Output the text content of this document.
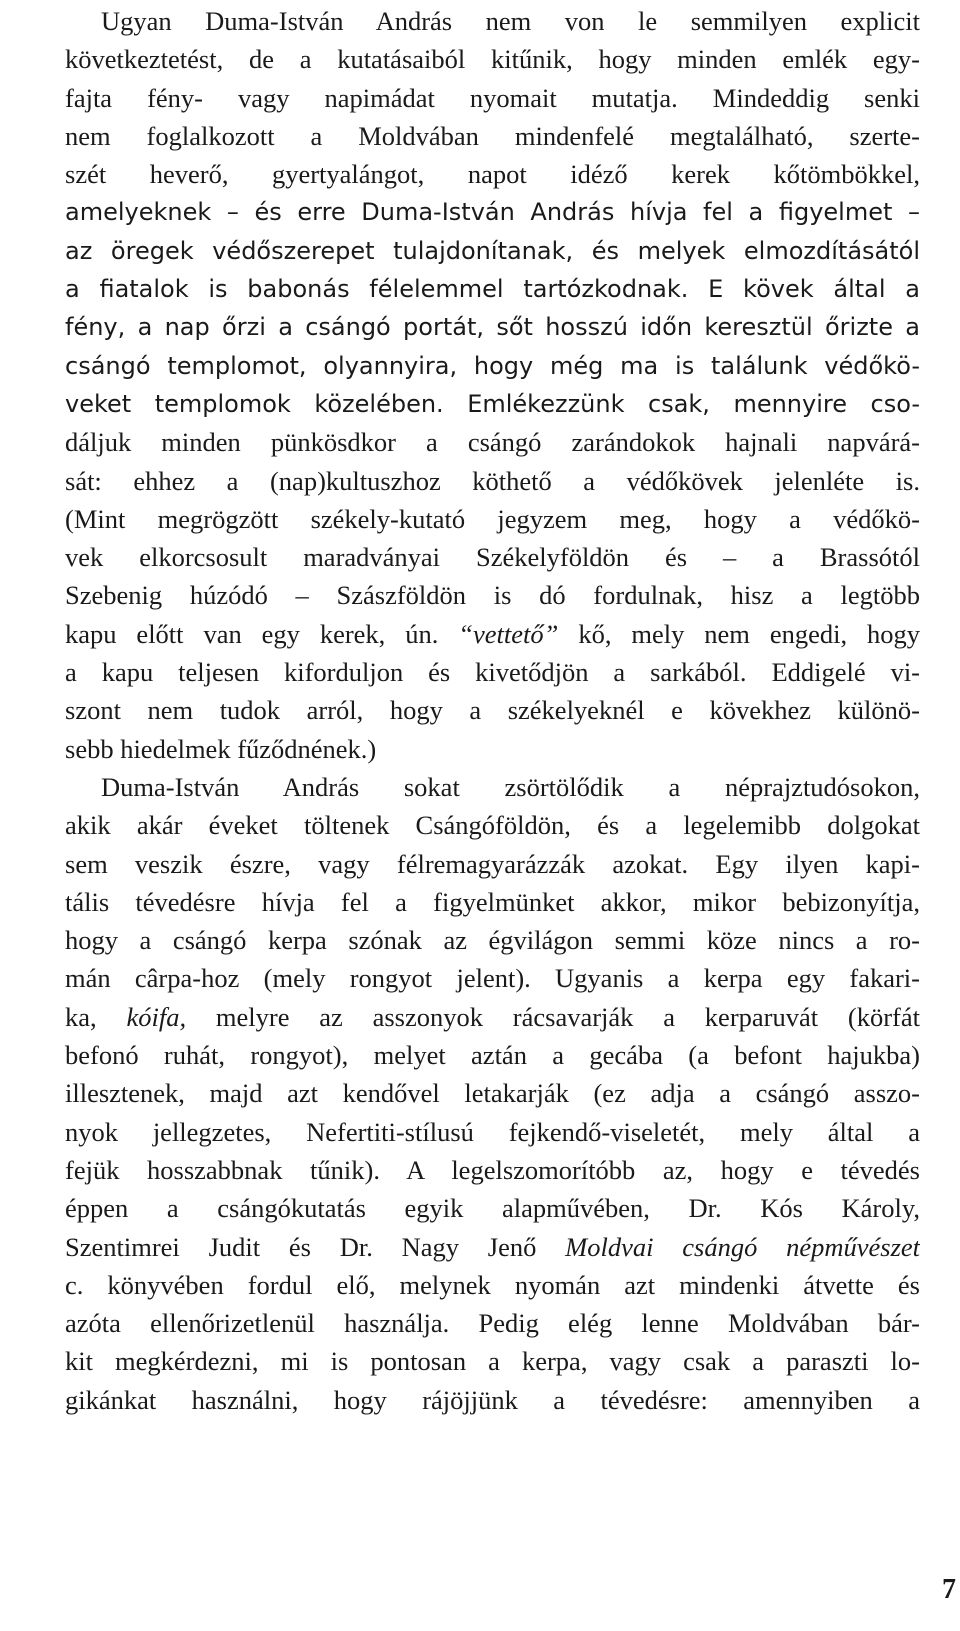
Ugyan Duma-István András nem von le semmilyen explicit
következtetést, de a kutatásaiból kitűnik, hogy minden emlék egy-
fajta fény- vagy napimádat nyomait mutatja. Mindeddig senki
nem foglalkozott a Moldvában mindenfelé megtalálható, szerte-
szét heverő, gyertyalángot, napot idéző kerek kőtömbökkel,
amelyeknek – és erre Duma-István András hívja fel a figyelmet –
az öregek védőszerepet tulajdonítanak, és melyek elmozdításától
a fiatalok is babonás félelemmel tartózkodnak. E kövek által a
fény, a nap őrzi a csángó portát, sőt hosszú időn keresztül őrizte a
csángó templomot, olyannyira, hogy még ma is találunk védőkö-
veket templomok közelében. Emlékezzünk csak, mennyire cso-
dáljuk minden pünkösdkor a csángó zarándokok hajnali napvárá-
sát: ehhez a (nap)kultuszhoz köthető a védőkövek jelenléte is.
(Mint megrögzött székely-kutató jegyzem meg, hogy a védőkö-
vek elkorcsosult maradványai Székelyföldön és – a Brassótól
Szebenig húzódó – Szászföldön is dó fordulnak, hisz a legtöbb
kapu előtt van egy kerek, ún. “vettető” kő, mely nem engedi, hogy
a kapu teljesen kifordulјon és kivetődjön a sarkából. Eddigelé vi-
szont nem tudok arról, hogy a székelyeknél e kövekhez különö-
sebb hiedelmek fűződnének.)
Duma-István András sokat zsörtölődik a néprajztudósokon,
akik akár éveket töltenek Csángóföldön, és a legelemibb dolgokat
sem veszik észre, vagy félremagyarázzák azokat. Egy ilyen kapi-
tális tévedésre hívja fel a figyelmünket akkor, mikor bebizonyítja,
hogy a csángó kerpa szónak az égvilágon semmi köze nincs a ro-
mán cârpa-hoz (mely rongyot jelent). Ugyanis a kerpa egy fakari-
ka, kóifa, melyre az asszonyok rácsavarják a kerparuvát (körfát
befonó ruhát, rongyot), melyet aztán a gecába (a befont hajukba)
illesztenek, majd azt kendővel letakarják (ez adja a csángó asszo-
nyok jellegzetes, Nefertiti-stílusú fejkendő-viseletét, mely által a
fejük hosszabbnak tűnik). A legelszomorítóbb az, hogy e tévedés
éppen a csángókutatás egyik alapművében, Dr. Kós Károly,
Szentimrei Judit és Dr. Nagy Jenő Moldvai csángó népművészet
c. könyvében fordul elő, melynek nyomán azt mindenki átvette és
azóta ellenőrizetlenül használja. Pedig elég lenne Moldvában bár-
kit megkérdezni, mi is pontosan a kerpa, vagy csak a paraszti lo-
gikánkat használni, hogy rájöjjünk a tévedésre: amennyiben a
7
